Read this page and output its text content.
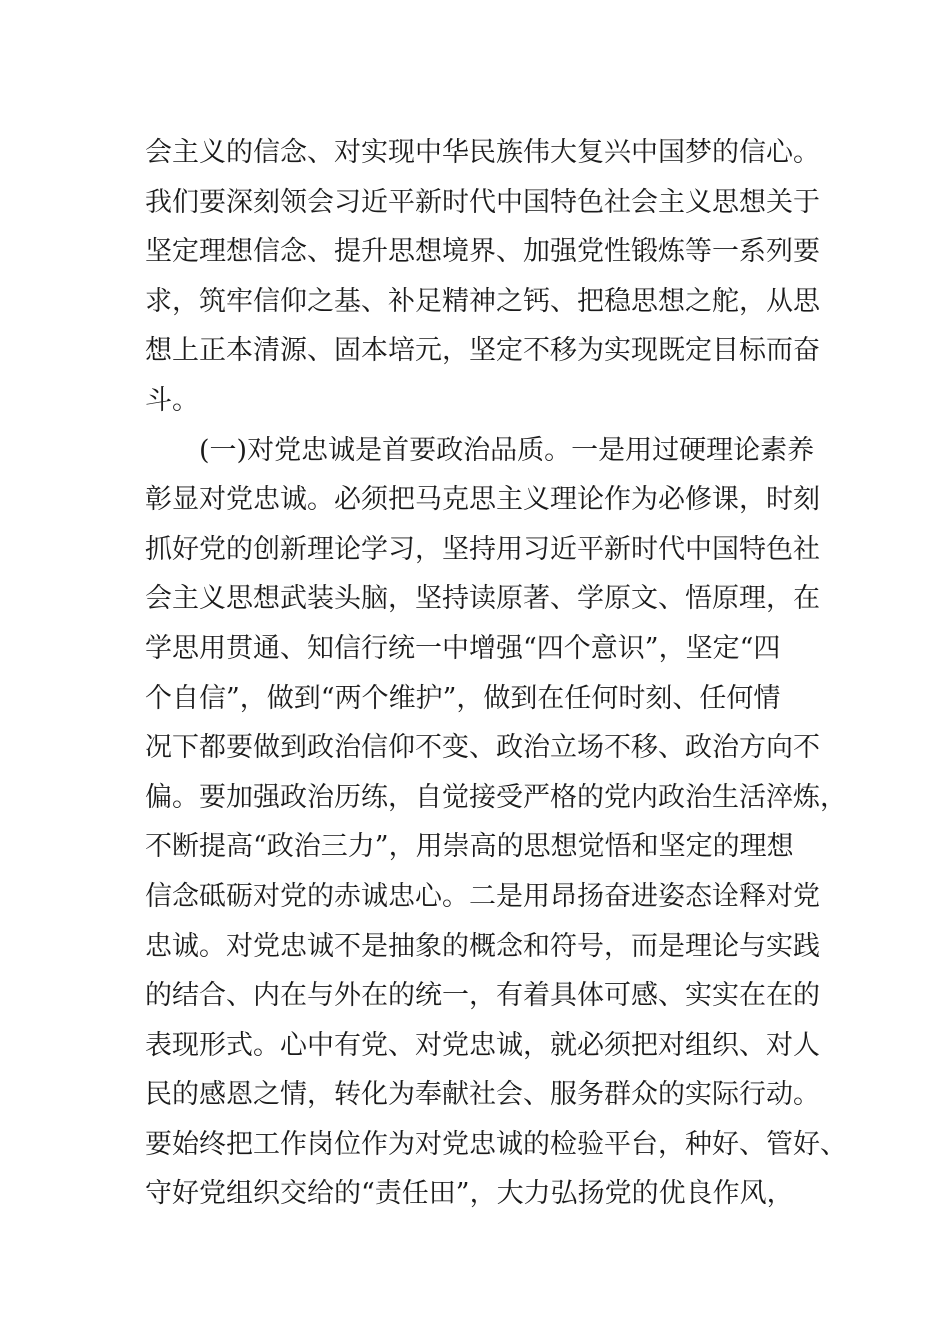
会主义的信念、对实现中华民族伟大复兴中国梦的信心。
我们要深刻领会习近平新时代中国特色社会主义思想关于
坚定理想信念、提升思想境界、加强党性锻炼等一系列要
求，筑牢信仰之基、补足精神之钙、把稳思想之舵，从思
想上正本清源、固本培元，坚定不移为实现既定目标而奋
斗。
　　(一)对党忠诚是首要政治品质。一是用过硬理论素养
彰显对党忠诚。必须把马克思主义理论作为必修课，时刻
抓好党的创新理论学习，坚持用习近平新时代中国特色社
会主义思想武装头脑，坚持读原著、学原文、悟原理，在
学思用贯通、知信行统一中增强“四个意识”，坚定“四
个自信”，做到“两个维护”，做到在任何时刻、任何情
况下都要做到政治信仰不变、政治立场不移、政治方向不
偏。要加强政治历练，自觉接受严格的党内政治生活淬炼，
不断提高“政治三力”，用崇高的思想觉悟和坚定的理想
信念砥砺对党的赤诚忠心。二是用昂扬奋进姿态诠释对党
忠诚。对党忠诚不是抽象的概念和符号，而是理论与实践
的结合、内在与外在的统一，有着具体可感、实实在在的
表现形式。心中有党、对党忠诚，就必须把对组织、对人
民的感恩之情，转化为奉献社会、服务群众的实际行动。
要始终把工作岗位作为对党忠诚的检验平台，种好、管好、
守好党组织交给的“责任田”，大力弘扬党的优良作风，
